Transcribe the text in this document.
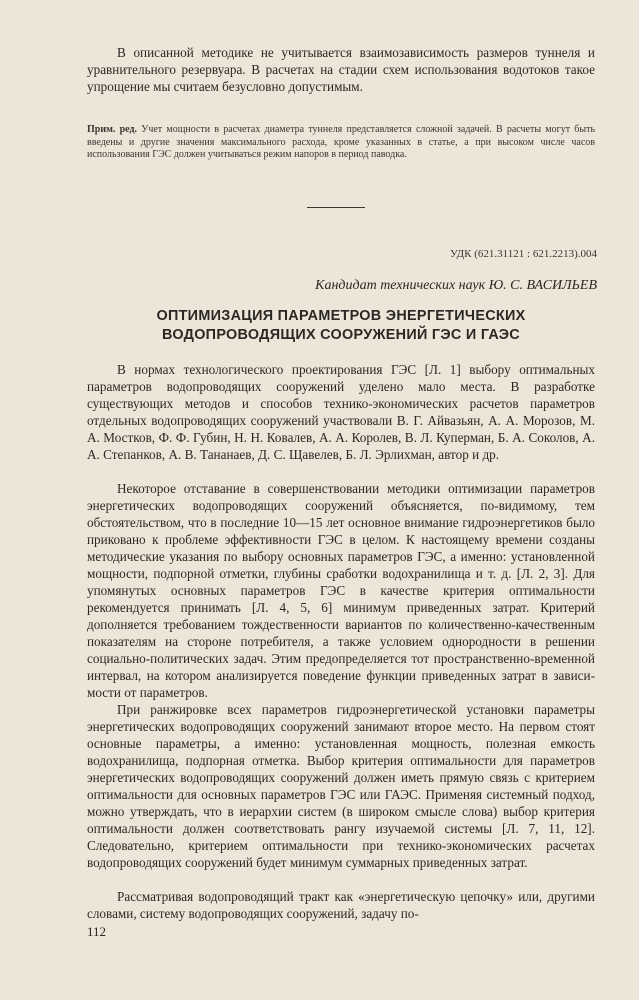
В описанной методике не учитывается взаимозависимость размеров туннеля и уравнительного резервуара. В расчетах на стадии схем использования водотоков такое упрощение мы считаем безусловно допустимым.

Прим. ред. Учет мощности в расчетах диаметра туннеля представляется сложной задачей. В расчеты могут быть введены и другие значения максимального расхода, кроме указанных в статье, а при высоком числе часов использования ГЭС должен учитываться режим напоров в период паводка.

УДК (621.31121 : 621.2213).004
Кандидат технических наук Ю. С. ВАСИЛЬЕВ
ОПТИМИЗАЦИЯ ПАРАМЕТРОВ ЭНЕРГЕТИЧЕСКИХ
ВОДОПРОВОДЯЩИХ СООРУЖЕНИЙ ГЭС И ГАЭС

В нормах технологического проектирования ГЭС [Л. 1] выбору оптимальных параметров водопроводящих сооружений уделено мало места. В разработке существующих методов и способов технико-экономических расчетов параметров отдельных водопроводящих сооружений участвовали В. Г. Айвазьян, А. А. Морозов, М. А. Мостков, Ф. Ф. Губин, Н. Н. Ковалев, А. А. Королев, В. Л. Куперман, Б. А. Соколов, А. А. Степанков, А. В. Тананаев, Д. С. Щавелев, Б. Л. Эрлихман, автор и др.

Некоторое отставание в совершенствовании методики оптимизации параметров энергетических водопроводящих сооружений объясняется, по-видимому, тем обстоятельством, что в последние 10—15 лет основное внимание гидроэнергетиков было приковано к проблеме эффективности ГЭС в целом. К настоящему времени созданы методические указания по выбору основных параметров ГЭС, а именно: установленной мощности, подпорной отметки, глубины сработки водохранилища и т. д. [Л. 2, 3]. Для упомянутых основных параметров ГЭС в качестве критерия оптимальности рекомендуется принимать [Л. 4, 5, 6] минимум приведенных затрат. Критерий дополняется требованием тождественности вариантов по количественно-качественным показателям на стороне потребителя, а также условием однородности в решении социально-политических задач. Этим предопределяется тот пространственно-временной интервал, на котором анализируется поведение функции приведенных затрат в зависимости от параметров.

При ранжировке всех параметров гидроэнергетической установки параметры энергетических водопроводящих сооружений занимают второе место. На первом стоят основные параметры, а именно: установленная мощность, полезная емкость водохранилища, подпорная отметка. Выбор критерия оптимальности для параметров энергетических водопроводящих сооружений должен иметь прямую связь с критерием оптимальности для основных параметров ГЭС или ГАЭС. Применяя системный подход, можно утверждать, что в иерархии систем (в широком смысле слова) выбор критерия оптимальности должен соответствовать рангу изучаемой системы [Л. 7, 11, 12]. Следовательно, критерием оптимальности при технико-экономических расчетах водопроводящих сооружений будет минимум суммарных приведенных затрат.

Рассматривая водопроводящий тракт как «энергетическую цепочку» или, другими словами, систему водопроводящих сооружений, задачу по-

112
